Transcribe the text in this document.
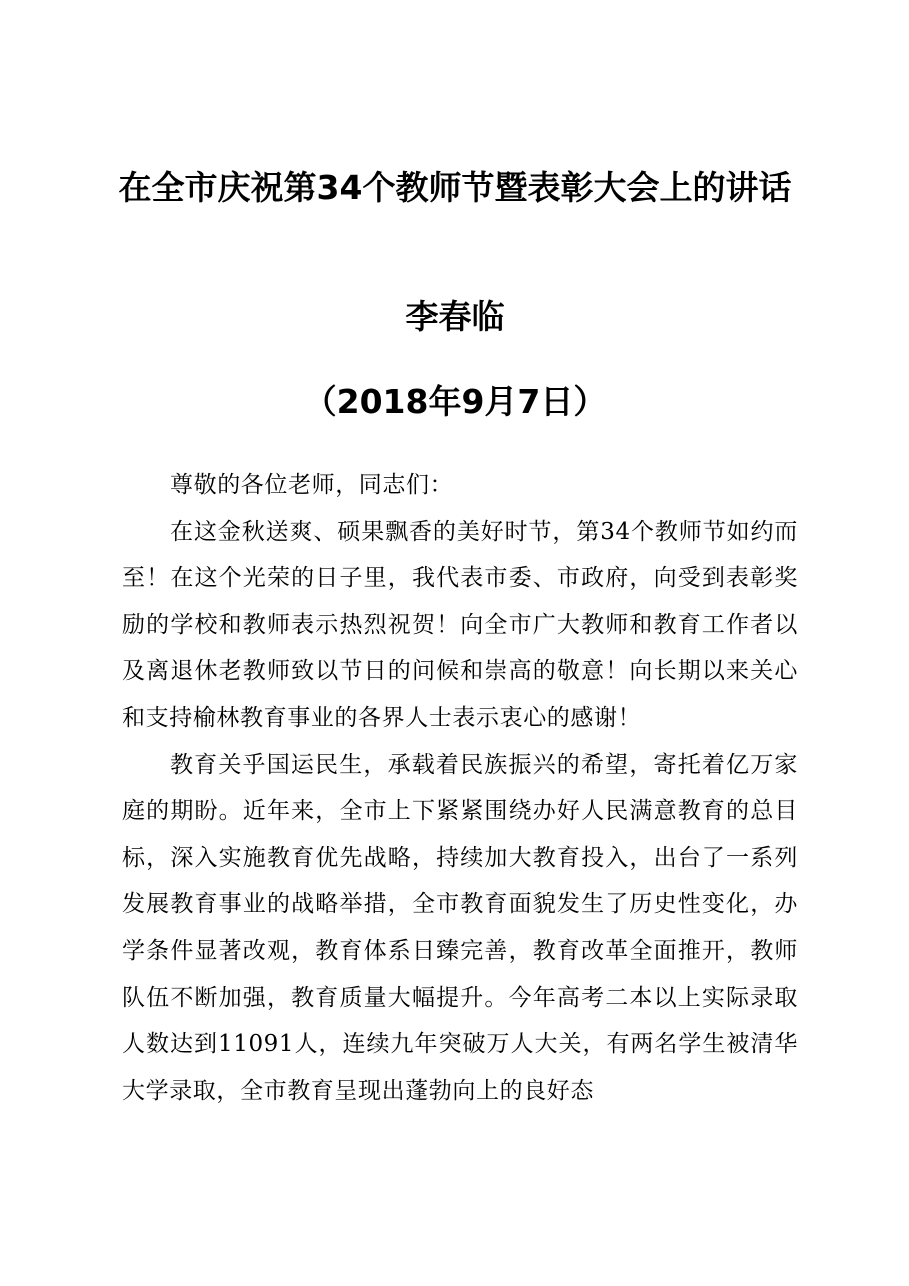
在全市庆祝第34个教师节暨表彰大会上的讲话
李春临
（2018年9月7日）

尊敬的各位老师，同志们：

在这金秋送爽、硕果飘香的美好时节，第34个教师节如约而至！在这个光荣的日子里，我代表市委、市政府，向受到表彰奖励的学校和教师表示热烈祝贺！向全市广大教师和教育工作者以及离退休老教师致以节日的问候和崇高的敬意！向长期以来关心和支持榆林教育事业的各界人士表示衷心的感谢！

教育关乎国运民生，承载着民族振兴的希望，寄托着亿万家庭的期盼。近年来，全市上下紧紧围绕办好人民满意教育的总目标，深入实施教育优先战略，持续加大教育投入，出台了一系列发展教育事业的战略举措，全市教育面貌发生了历史性变化，办学条件显著改观，教育体系日臻完善，教育改革全面推开，教师队伍不断加强，教育质量大幅提升。今年高考二本以上实际录取人数达到11091人，连续九年突破万人大关，有两名学生被清华大学录取，全市教育呈现出蓬勃向上的良好态
